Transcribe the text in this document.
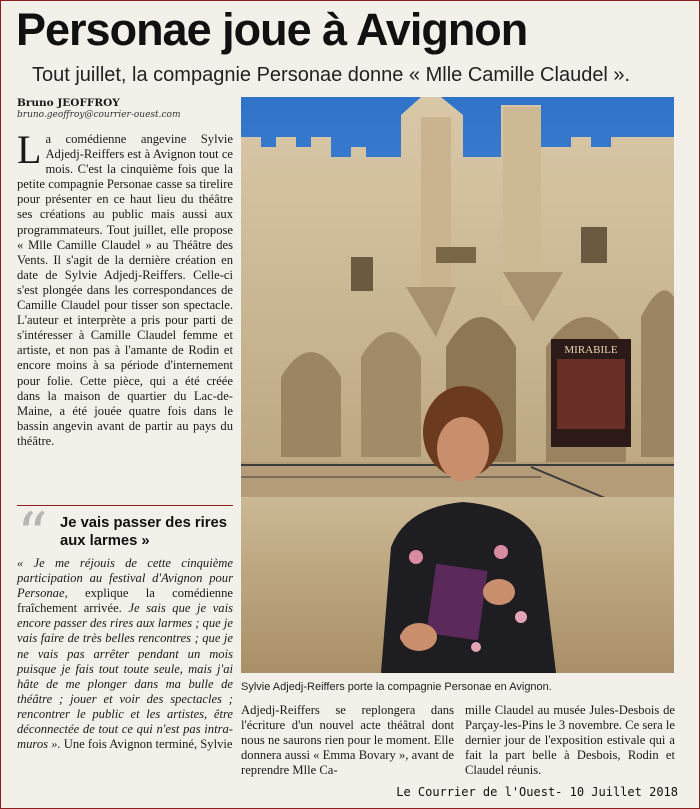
Personae joue à Avignon
Tout juillet, la compagnie Personae donne « Mlle Camille Claudel ».
Bruno JEOFFROY
bruno.geoffroy@courrier-ouest.com
La comédienne angevine Sylvie Adjedj-Reiffers est à Avignon tout ce mois. C'est la cinquième fois que la petite compagnie Personae casse sa tirelire pour présenter en ce haut lieu du théâtre ses créations au public mais aussi aux programmateurs. Tout juillet, elle propose « Mlle Camille Claudel » au Théâtre des Vents. Il s'agit de la dernière création en date de Sylvie Adjedj-Reiffers. Celle-ci s'est plongée dans les correspondances de Camille Claudel pour tisser son spectacle. L'auteur et interprète a pris pour parti de s'intéresser à Camille Claudel femme et artiste, et non pas à l'amante de Rodin et encore moins à sa période d'internement pour folie. Cette pièce, qui a été créée dans la maison de quartier du Lac-de-Maine, a été jouée quatre fois dans le bassin angevin avant de partir au pays du théâtre.
“ Je vais passer des rires aux larmes »
« Je me réjouis de cette cinquième participation au festival d'Avignon pour Personae, explique la comédienne fraîchement arrivée. Je sais que je vais encore passer des rires aux larmes ; que je vais faire de très belles rencontres ; que je ne vais pas arrêter pendant un mois puisque je fais tout toute seule, mais j'ai hâte de me plonger dans ma bulle de théâtre ; jouer et voir des spectacles ; rencontrer le public et les artistes, être déconnectée de tout ce qui n'est pas intra-muros ». Une fois Avignon terminé, Sylvie
MIRABILE
Sylvie Adjedj-Reiffers porte la compagnie Personae en Avignon.
Adjedj-Reiffers se replongera dans l'écriture d'un nouvel acte théâtral dont nous ne saurons rien pour le moment. Elle donnera aussi « Emma Bovary », avant de reprendre Mlle Ca-
mille Claudel au musée Jules-Desbois de Parçay-les-Pins le 3 novembre. Ce sera le dernier jour de l'exposition estivale qui a fait la part belle à Desbois, Rodin et Claudel réunis.
Le Courrier de l'Ouest- 10 Juillet 2018
